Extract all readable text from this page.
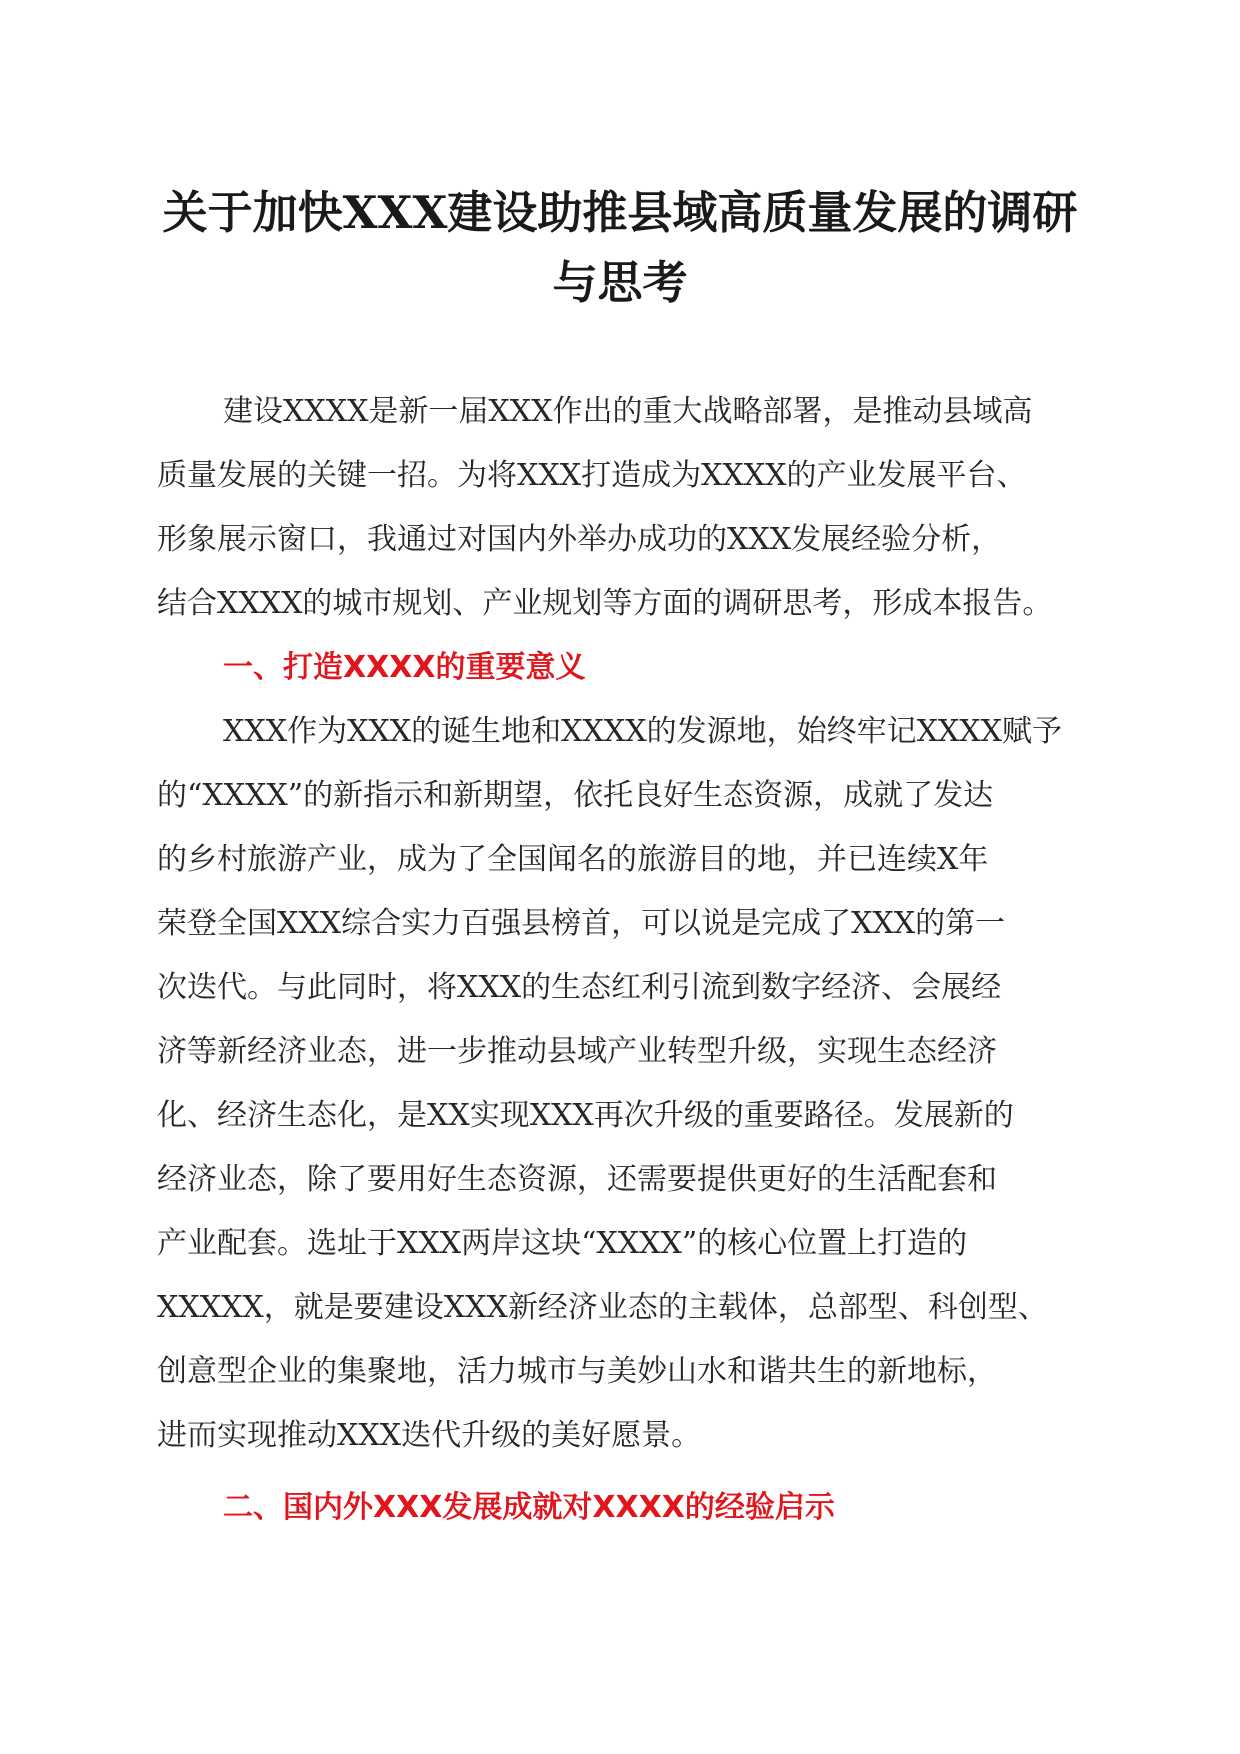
关于加快XXX建设助推县域高质量发展的调研
与思考

建设XXXX是新一届XXX作出的重大战略部署，是推动县域高
质量发展的关键一招。为将XXX打造成为XXXX的产业发展平台、
形象展示窗口，我通过对国内外举办成功的XXX发展经验分析，
结合XXXX的城市规划、产业规划等方面的调研思考，形成本报告。

一、打造XXXX的重要意义

XXX作为XXX的诞生地和XXXX的发源地，始终牢记XXXX赋予
的“XXXX”的新指示和新期望，依托良好生态资源，成就了发达
的乡村旅游产业，成为了全国闻名的旅游目的地，并已连续X年
荣登全国XXX综合实力百强县榜首，可以说是完成了XXX的第一
次迭代。与此同时，将XXX的生态红利引流到数字经济、会展经
济等新经济业态，进一步推动县域产业转型升级，实现生态经济
化、经济生态化，是XX实现XXX再次升级的重要路径。发展新的
经济业态，除了要用好生态资源，还需要提供更好的生活配套和
产业配套。选址于XXX两岸这块“XXXX”的核心位置上打造的
XXXXX，就是要建设XXX新经济业态的主载体，总部型、科创型、
创意型企业的集聚地，活力城市与美妙山水和谐共生的新地标，
进而实现推动XXX迭代升级的美好愿景。

二、国内外XXX发展成就对XXXX的经验启示
